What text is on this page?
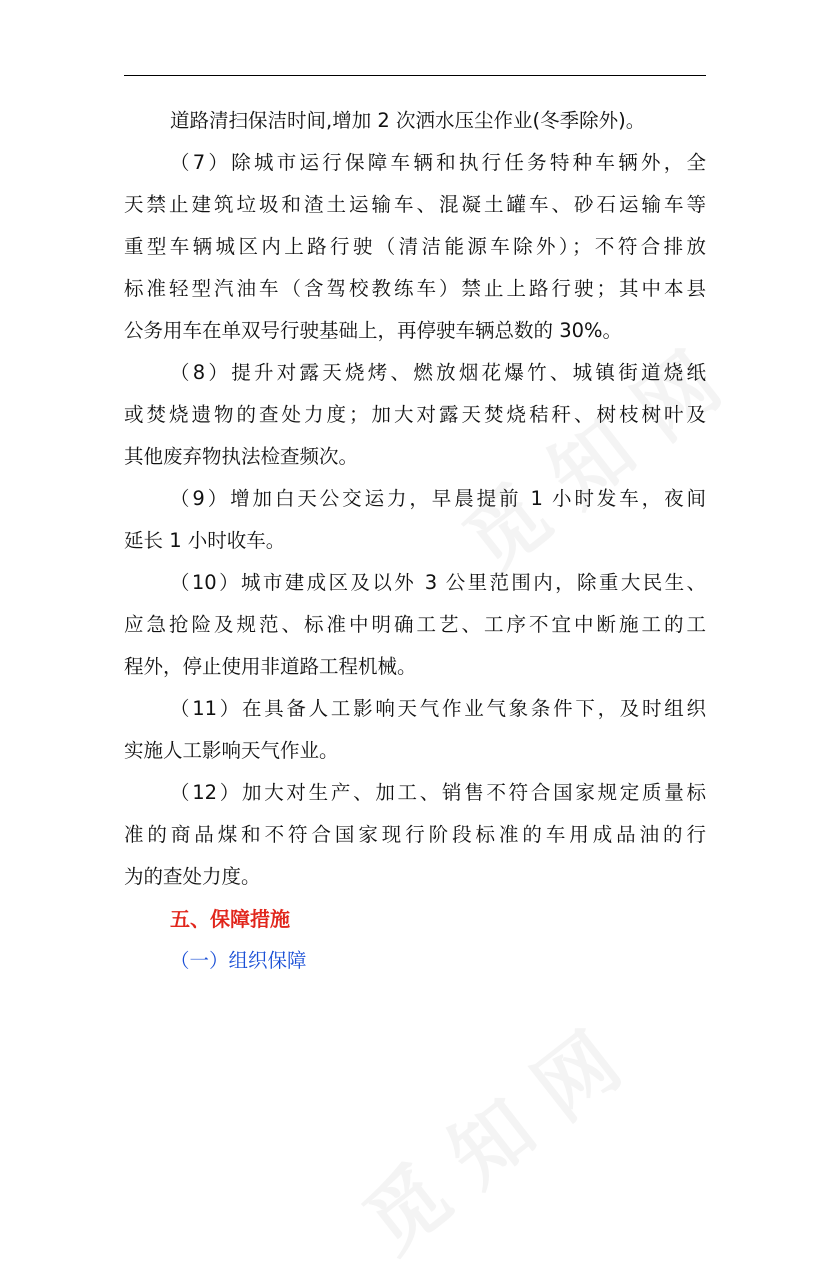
道路清扫保洁时间,增加 2 次洒水压尘作业(冬季除外)。
（7）除城市运行保障车辆和执行任务特种车辆外，全
天禁止建筑垃圾和渣土运输车、混凝土罐车、砂石运输车等
重型车辆城区内上路行驶（清洁能源车除外）；不符合排放
标准轻型汽油车（含驾校教练车）禁止上路行驶；其中本县
公务用车在单双号行驶基础上，再停驶车辆总数的 30%。
（8）提升对露天烧烤、燃放烟花爆竹、城镇街道烧纸
或焚烧遗物的查处力度；加大对露天焚烧秸秆、树枝树叶及
其他废弃物执法检查频次。
（9）增加白天公交运力，早晨提前 1 小时发车，夜间
延长 1 小时收车。
（10）城市建成区及以外 3 公里范围内，除重大民生、
应急抢险及规范、标准中明确工艺、工序不宜中断施工的工
程外，停止使用非道路工程机械。
（11）在具备人工影响天气作业气象条件下，及时组织
实施人工影响天气作业。
（12）加大对生产、加工、销售不符合国家规定质量标
准的商品煤和不符合国家现行阶段标准的车用成品油的行
为的查处力度。
五、保障措施
（一）组织保障
